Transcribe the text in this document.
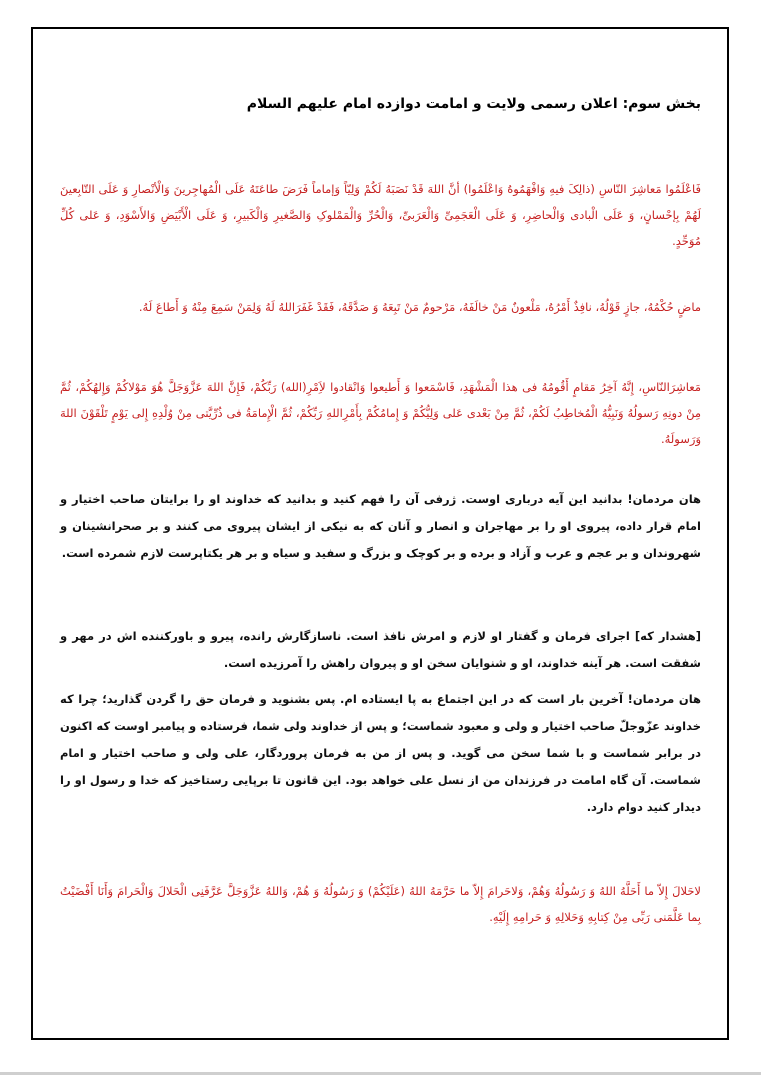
بخش سوم: اعلان رسمی ولایت و امامت دوازده امام علیهم السلام

فَاعْلَمُوا مَعاشِرَ النّاسِ (ذالِکَ فیهِ وَافْهَمُوهُ وَاعْلَمُوا) أنَّ اللهَ قَدْ نَصَبَهُ لَکُمْ وَلِیّاً وَإماماً فَرَضَ طاعَتَهُ عَلَی الْمُهاجِرینَ وَالْأنْصارِ وَ عَلَی التّابِعینَ لَهُمْ بِإحْسانٍ، وَ عَلَی الْبادی وَالْحاضِرِ، وَ عَلَی الْعَجَمِیِّ وَالْعَرَبیِّ، وَالْحُرِّ وَالْمَمْلوکِ وَالصَّغیرِ وَالْکَبیرِ، وَ عَلَی الْأَبْیَضِ وَالأَسْوَدِ، وَ عَلی کُلِّ مُوَحِّدٍ.

ماضٍ حُکْمُهُ، جازٍ قَوْلُهُ، نافِذٌ أَمْرُهُ، مَلْعونٌ مَنْ خالَفَهُ، مَرْحومٌ مَنْ تَبِعَهُ وَ صَدَّقَهُ، فَقَدْ غَفَرَاللهُ لَهُ وَلِمَنْ سَمِعَ مِنْهُ وَ أَطاعَ لَهُ.

مَعاشِرَالنّاسِ، إِنَّهُ آخِرُ مَقامٍ أَقُومُهُ فی هذا الْمَشْهَدِ، فَاسْمَعوا وَ أَطیعوا وَانْقادوا لاَِمْرِ(الله) رَبِّکُمْ، فَإِنَّ اللهَ عَزَّوَجَلَّ هُوَ مَوْلاکُمْ وَإِلهُکُمْ، ثُمَّ مِنْ دونِهِ رَسولُهُ وَنَبِیُّهُ الْمُخاطِبُ لَکُمْ، ثُمَّ مِنْ بَعْدی عَلی وَلِیُّکُمْ وَ إِمامُکُمْ بِأَمْرِاللهِ رَبِّکُمْ، ثُمَّ الْإِمامَةُ فی ذُرِّیَّتی مِنْ وُلْدِهِ إِلی یَوْمٍ تَلْقَوْنَ اللهَ وَرَسولَهُ.

هان مردمان! بدانید این آیه درباری اوست. ژرفی آن را فهم کنید و بدانید که خداوند او را برایتان صاحب اختیار و امام قرار داده، پیروی او را بر مهاجران و انصار و آنان که به نیکی از ایشان پیروی می کنند و بر صحرانشینان و شهروندان و بر عجم و عرب و آزاد و برده و بر کوچک و بزرگ و سفید و سیاه و بر هر یکتاپرست لازم شمرده است.

[هشدار که] اجرای فرمان و گفتار او لازم و امرش نافذ است. ناسازگارش رانده، پیرو و باورکننده اش در مهر و شفقت است. هر آینه خداوند، او و شنوایان سخن او و پیروان راهش را آمرزیده است.

هان مردمان! آخرین بار است که در این اجتماع به پا ایستاده ام. پس بشنوید و فرمان حق را گردن گذارید؛ چرا که خداوند عزّوجلّ صاحب اختیار و ولی و معبود شماست؛ و پس از خداوند ولی شما، فرستاده و پیامبر اوست که اکنون در برابر شماست و با شما سخن می گوید. و پس از من به فرمان پروردگار، علی ولی و صاحب اختیار و امام شماست. آن گاه امامت در فرزندان من از نسل علی خواهد بود. این قانون تا برپایی رستاخیز که خدا و رسول او را دیدار کنید دوام دارد.

لاحَلالَ إِلاّ ما أَحَلَّهُ اللهُ وَ رَسُولُهُ وَهُمْ، وَلاحَرامَ إِلاّ ما حَرَّمَهُ اللهُ (عَلَیْکُمْ) وَ رَسُولُهُ وَ هُمْ، وَاللهُ عَزَّوَجَلَّ عَرَّفَنِی الْحَلالَ وَالْحَرامَ وَأَنَا أَفْضَیْتُ بِما عَلَّمَنی رَبِّی مِنْ کِتابِهِ وَحَلالِهِ وَ حَرامِهِ إِلَیْهِ.
